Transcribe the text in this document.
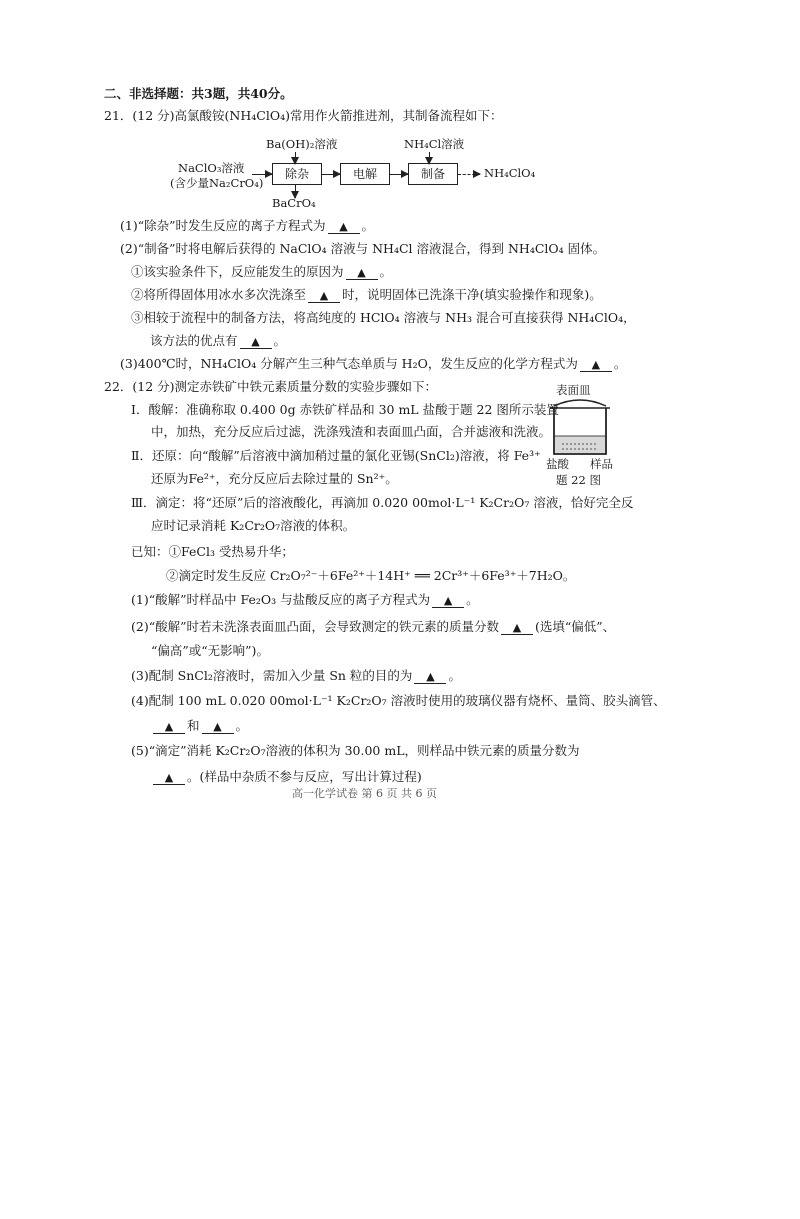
二、非选择题：共3题，共40分。
21．(12 分)高氯酸铵(NH₄ClO₄)常用作火箭推进剂，其制备流程如下：
Ba(OH)₂溶液	NH₄Cl溶液
NaClO₃溶液
(含少量Na₂CrO₄)
除杂	电解	制备	NH₄ClO₄
BaCrO₄
(1)“除杂”时发生反应的离子方程式为 ▲ 。
(2)“制备”时将电解后获得的 NaClO₄ 溶液与 NH₄Cl 溶液混合，得到 NH₄ClO₄ 固体。
①该实验条件下，反应能发生的原因为 ▲ 。
②将所得固体用冰水多次洗涤至 ▲ 时，说明固体已洗涤干净(填实验操作和现象)。
③相较于流程中的制备方法，将高纯度的 HClO₄ 溶液与 NH₃ 混合可直接获得 NH₄ClO₄，
该方法的优点有 ▲ 。
(3)400℃时，NH₄ClO₄ 分解产生三种气态单质与 H₂O，发生反应的化学方程式为 ▲ 。
22．(12 分)测定赤铁矿中铁元素质量分数的实验步骤如下：
Ⅰ．酸解：准确称取 0.400 0g 赤铁矿样品和 30 mL 盐酸于题 22 图所示装置
中，加热，充分反应后过滤，洗涤残渣和表面皿凸面，合并滤液和洗液。
Ⅱ．还原：向“酸解”后溶液中滴加稍过量的氯化亚锡(SnCl₂)溶液，将 Fe³⁺
还原为Fe²⁺，充分反应后去除过量的 Sn²⁺。
Ⅲ．滴定：将“还原”后的溶液酸化，再滴加 0.020 00mol·L⁻¹ K₂Cr₂O₇ 溶液，恰好完全反
应时记录消耗 K₂Cr₂O₇溶液的体积。
表面皿
盐酸 样品
题 22 图
已知：①FeCl₃ 受热易升华；
②滴定时发生反应 Cr₂O₇²⁻＋6Fe²⁺＋14H⁺ ══ 2Cr³⁺＋6Fe³⁺＋7H₂O。
(1)“酸解”时样品中 Fe₂O₃ 与盐酸反应的离子方程式为 ▲ 。
(2)“酸解”时若未洗涤表面皿凸面，会导致测定的铁元素的质量分数 ▲ (选填“偏低”、
“偏高”或“无影响”)。
(3)配制 SnCl₂溶液时，需加入少量 Sn 粒的目的为 ▲ 。
(4)配制 100 mL 0.020 00mol·L⁻¹ K₂Cr₂O₇ 溶液时使用的玻璃仪器有烧杯、量筒、胶头滴管、
▲ 和 ▲ 。
(5)“滴定”消耗 K₂Cr₂O₇溶液的体积为 30.00 mL，则样品中铁元素的质量分数为
▲ 。(样品中杂质不参与反应，写出计算过程)
高一化学试卷 第 6 页 共 6 页
